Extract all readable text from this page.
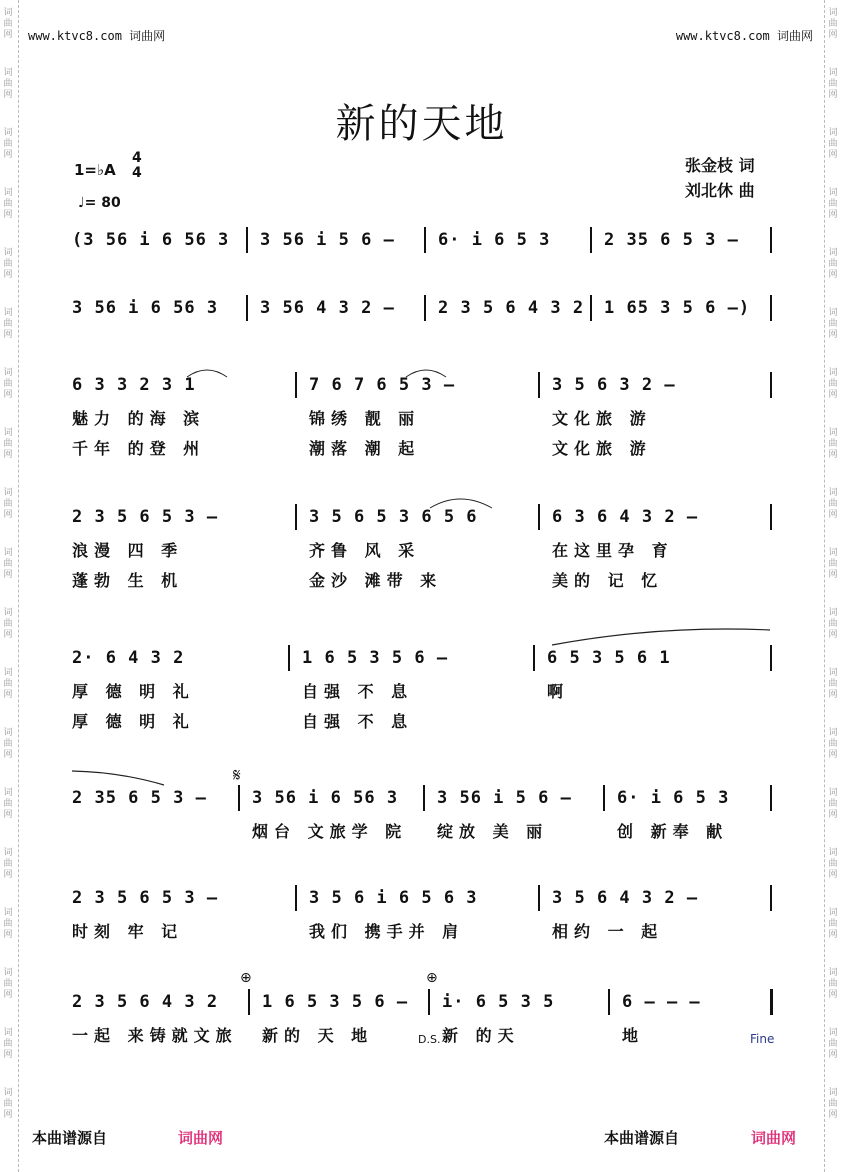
词
曲
网
词
曲
网
词
曲
网
词
曲
网
词
曲
网
词
曲
网
词
曲
网
词
曲
网
词
曲
网
词
曲
网
词
曲
网
词
曲
网
词
曲
网
词
曲
网
词
曲
网
词
曲
网
词
曲
网
词
曲
网
词
曲
网
词
曲
网
词
曲
网
词
曲
网
词
曲
网
词
曲
网
词
曲
网
词
曲
网
词
曲
网
词
曲
网
词
曲
网
词
曲
网
词
曲
网
词
曲
网
词
曲
网
词
曲
网
词
曲
网
词
曲
网
词
曲
网
词
曲
网
www.ktvc8.com 词曲网	www.ktvc8.com 词曲网
新的天地
1=♭A
4
4
♩= 80
张金枝 词
刘北休 曲
(3 56 i 6 56 3 3 56 i 5 6 —	6· i 6 5 3	2 35 6 5 3 —
3 56 i 6 56 3 3 56 4 3 2 —	2 3 5 6 4 3 2 1 65 3 5 6 —)
6 3 3 2 3 1
魅力 的海 滨
千年 的登 州
7 6 7 6 5 3 —
锦绣 靓 丽
潮落 潮 起
3 5 6 3 2 —
文化旅 游
文化旅 游
2 3 5 6 5 3 —
浪漫 四 季
蓬勃 生 机
3 5 6 5 3 6 5 6
齐鲁 风 采
金沙 滩带 来
6 3 6 4 3 2 —
在这里孕 育
美的 记 忆
2· 6 4 3 2
厚 德 明 礼
厚 德 明 礼
1 6 5 3 5 6 —
自强 不 息
自强 不 息
6 5 3 5 6 1
啊
2 35 6 5 3 —	3 56 i 6 56 3
烟台 文旅学 院
3 56 i 5 6 —
绽放 美 丽
6· i 6 5 3
创 新奉 献
2 3 5 6 5 3 —
时刻 牢 记
3 5 6 i 6 5 6 3
我们 携手并 肩
3 5 6 4 3 2 —
相约 一 起
2 3 5 6 4 3 2
一起 来铸就文旅
1 6 5 3 5 6 —
新的 天 地
i· 6 5 3 5
新 的天
6 — — —
地
𝄋
⊕	⊕
D.S.	Fine
本曲谱源自	词曲网	本曲谱源自	词曲网
